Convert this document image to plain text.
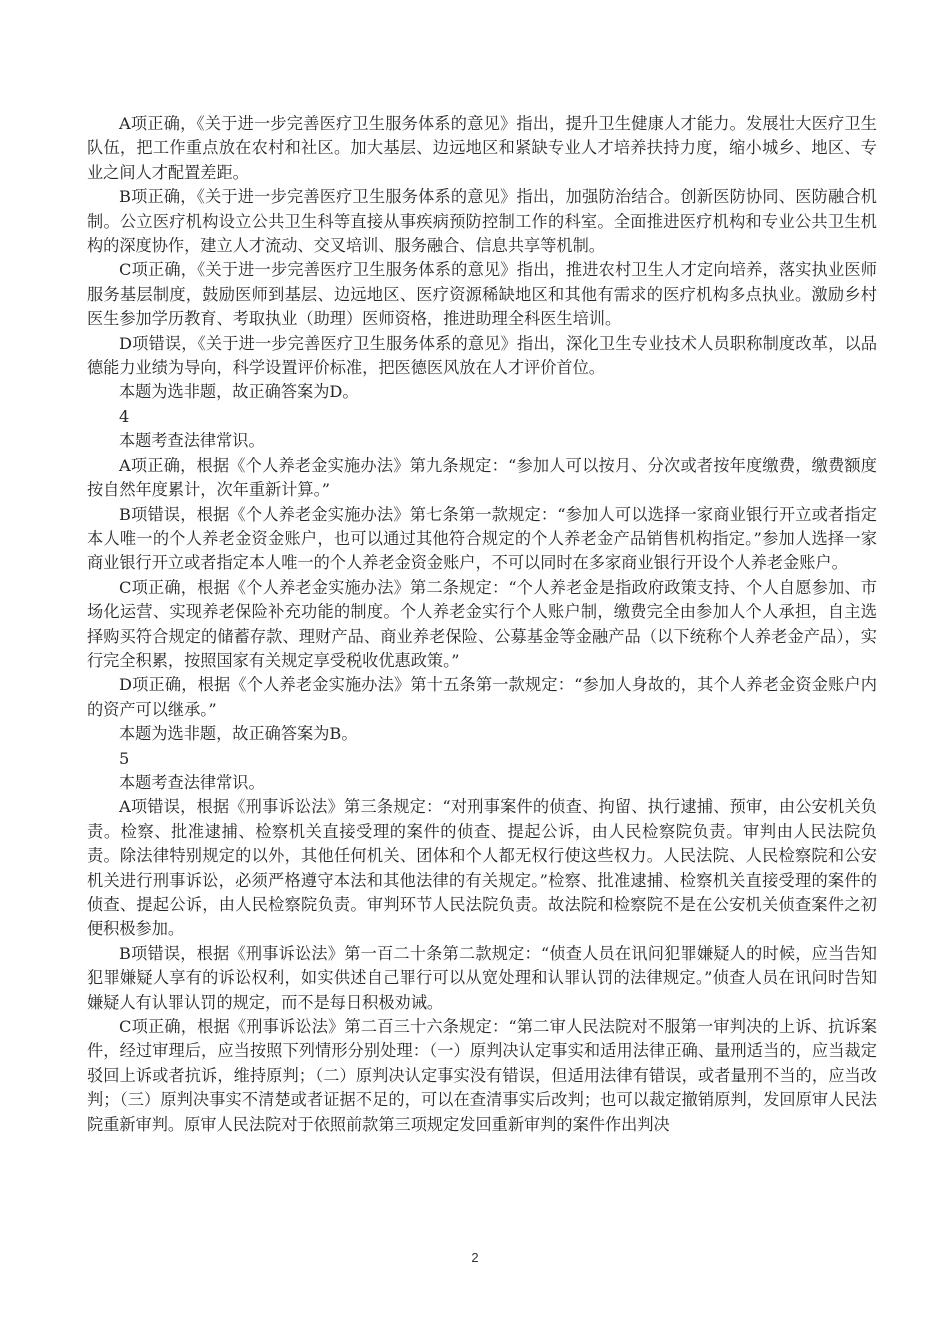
A项正确，《关于进一步完善医疗卫生服务体系的意见》指出，提升卫生健康人才能力。发展壮大医疗卫生队伍，把工作重点放在农村和社区。加大基层、边远地区和紧缺专业人才培养扶持力度，缩小城乡、地区、专业之间人才配置差距。

B项正确，《关于进一步完善医疗卫生服务体系的意见》指出，加强防治结合。创新医防协同、医防融合机制。公立医疗机构设立公共卫生科等直接从事疾病预防控制工作的科室。全面推进医疗机构和专业公共卫生机构的深度协作，建立人才流动、交叉培训、服务融合、信息共享等机制。

C项正确，《关于进一步完善医疗卫生服务体系的意见》指出，推进农村卫生人才定向培养，落实执业医师服务基层制度，鼓励医师到基层、边远地区、医疗资源稀缺地区和其他有需求的医疗机构多点执业。激励乡村医生参加学历教育、考取执业（助理）医师资格，推进助理全科医生培训。

D项错误，《关于进一步完善医疗卫生服务体系的意见》指出，深化卫生专业技术人员职称制度改革，以品德能力业绩为导向，科学设置评价标准，把医德医风放在人才评价首位。

本题为选非题，故正确答案为D。

4

本题考查法律常识。

A项正确，根据《个人养老金实施办法》第九条规定：“参加人可以按月、分次或者按年度缴费，缴费额度按自然年度累计，次年重新计算。”

B项错误，根据《个人养老金实施办法》第七条第一款规定：“参加人可以选择一家商业银行开立或者指定本人唯一的个人养老金资金账户，也可以通过其他符合规定的个人养老金产品销售机构指定。”参加人选择一家商业银行开立或者指定本人唯一的个人养老金资金账户，不可以同时在多家商业银行开设个人养老金账户。

C项正确，根据《个人养老金实施办法》第二条规定：“个人养老金是指政府政策支持、个人自愿参加、市场化运营、实现养老保险补充功能的制度。个人养老金实行个人账户制，缴费完全由参加人个人承担，自主选择购买符合规定的储蓄存款、理财产品、商业养老保险、公募基金等金融产品（以下统称个人养老金产品），实行完全积累，按照国家有关规定享受税收优惠政策。”

D项正确，根据《个人养老金实施办法》第十五条第一款规定：“参加人身故的，其个人养老金资金账户内的资产可以继承。”

本题为选非题，故正确答案为B。

5

本题考查法律常识。

A项错误，根据《刑事诉讼法》第三条规定：“对刑事案件的侦查、拘留、执行逮捕、预审，由公安机关负责。检察、批准逮捕、检察机关直接受理的案件的侦查、提起公诉，由人民检察院负责。审判由人民法院负责。除法律特别规定的以外，其他任何机关、团体和个人都无权行使这些权力。人民法院、人民检察院和公安机关进行刑事诉讼，必须严格遵守本法和其他法律的有关规定。”检察、批准逮捕、检察机关直接受理的案件的侦查、提起公诉，由人民检察院负责。审判环节人民法院负责。故法院和检察院不是在公安机关侦查案件之初便积极参加。

B项错误，根据《刑事诉讼法》第一百二十条第二款规定：“侦查人员在讯问犯罪嫌疑人的时候，应当告知犯罪嫌疑人享有的诉讼权利，如实供述自己罪行可以从宽处理和认罪认罚的法律规定。”侦查人员在讯问时告知嫌疑人有认罪认罚的规定，而不是每日积极劝诫。

C项正确，根据《刑事诉讼法》第二百三十六条规定：“第二审人民法院对不服第一审判决的上诉、抗诉案件，经过审理后，应当按照下列情形分别处理：（一）原判决认定事实和适用法律正确、量刑适当的，应当裁定驳回上诉或者抗诉，维持原判；（二）原判决认定事实没有错误，但适用法律有错误，或者量刑不当的，应当改判；（三）原判决事实不清楚或者证据不足的，可以在查清事实后改判；也可以裁定撤销原判，发回原审人民法院重新审判。原审人民法院对于依照前款第三项规定发回重新审判的案件作出判决

2
